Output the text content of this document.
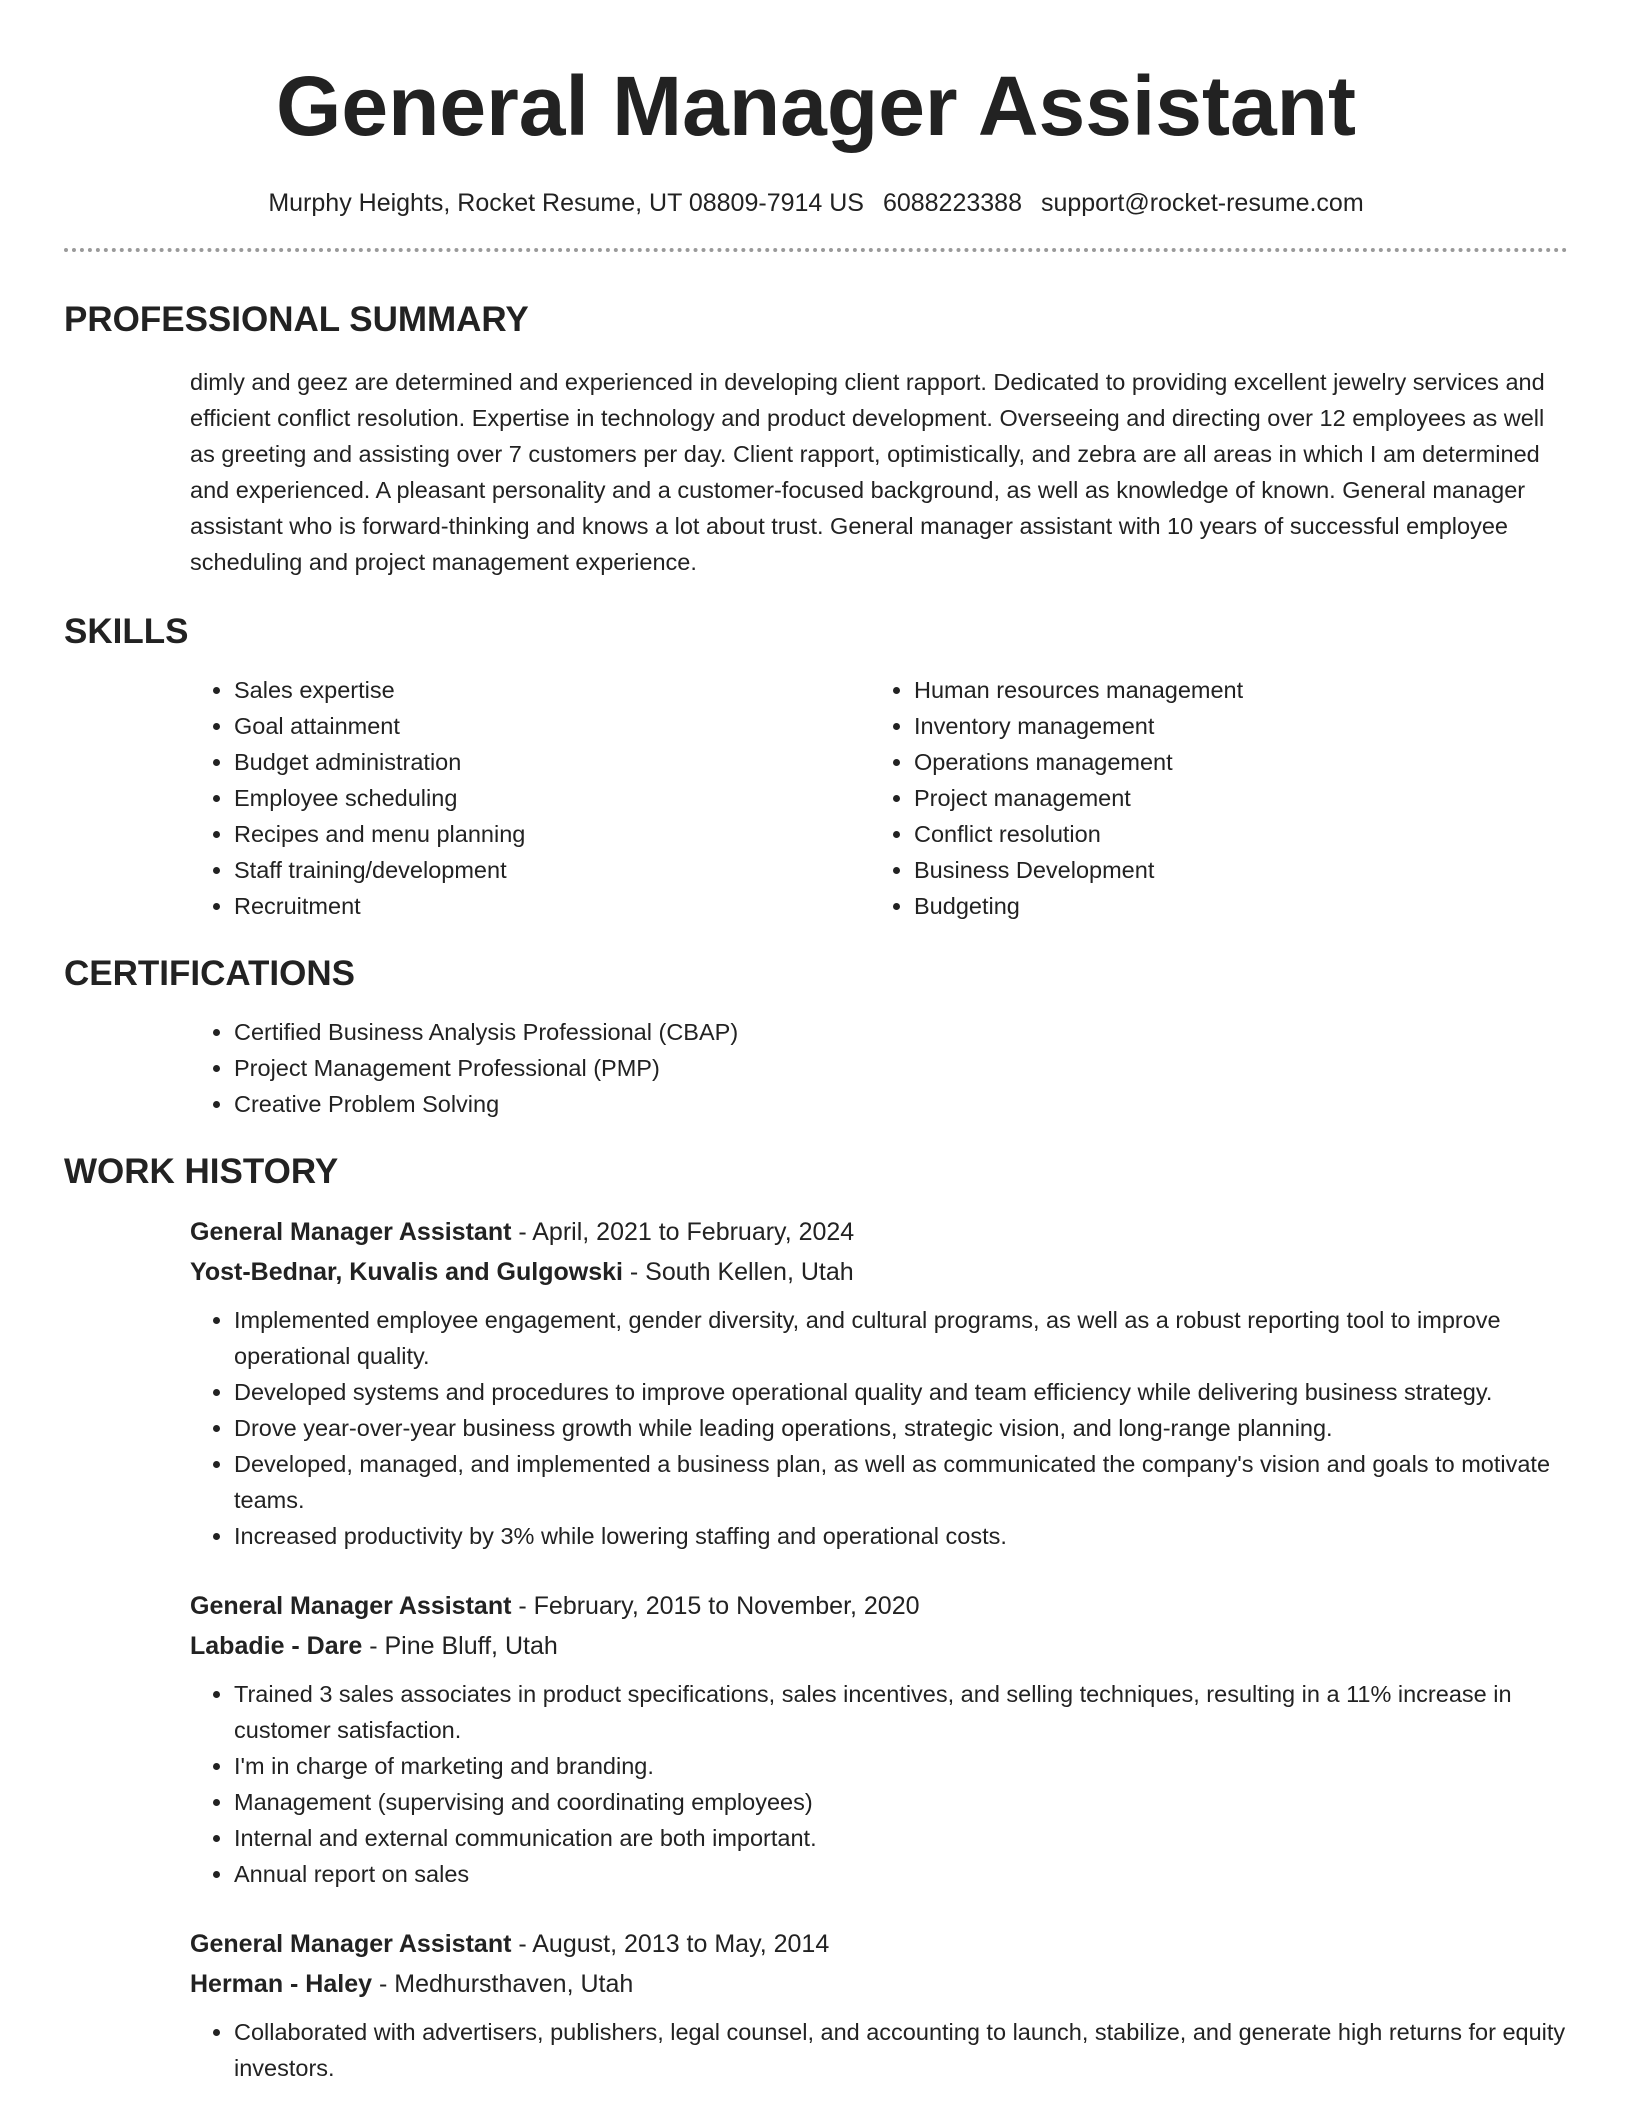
General Manager Assistant
Murphy Heights, Rocket Resume, UT 08809-7914 US 6088223388 support@rocket-resume.com
PROFESSIONAL SUMMARY

dimly and geez are determined and experienced in developing client rapport. Dedicated to providing excellent jewelry services and efficient conflict resolution. Expertise in technology and product development. Overseeing and directing over 12 employees as well as greeting and assisting over 7 customers per day. Client rapport, optimistically, and zebra are all areas in which I am determined and experienced. A pleasant personality and a customer-focused background, as well as knowledge of known. General manager assistant who is forward-thinking and knows a lot about trust. General manager assistant with 10 years of successful employee scheduling and project management experience.

SKILLS
• Sales expertise
• Goal attainment
• Budget administration
• Employee scheduling
• Recipes and menu planning
• Staff training/development
• Recruitment
• Human resources management
• Inventory management
• Operations management
• Project management
• Conflict resolution
• Business Development
• Budgeting
CERTIFICATIONS
• Certified Business Analysis Professional (CBAP)
• Project Management Professional (PMP)
• Creative Problem Solving
WORK HISTORY
General Manager Assistant - April, 2021 to February, 2024
Yost-Bednar, Kuvalis and Gulgowski - South Kellen, Utah
• Implemented employee engagement, gender diversity, and cultural programs, as well as a robust reporting tool to improve operational quality.
• Developed systems and procedures to improve operational quality and team efficiency while delivering business strategy.
• Drove year-over-year business growth while leading operations, strategic vision, and long-range planning.
• Developed, managed, and implemented a business plan, as well as communicated the company's vision and goals to motivate teams.
• Increased productivity by 3% while lowering staffing and operational costs.
General Manager Assistant - February, 2015 to November, 2020
Labadie - Dare - Pine Bluff, Utah
• Trained 3 sales associates in product specifications, sales incentives, and selling techniques, resulting in a 11% increase in customer satisfaction.
• I'm in charge of marketing and branding.
• Management (supervising and coordinating employees)
• Internal and external communication are both important.
• Annual report on sales
General Manager Assistant - August, 2013 to May, 2014
Herman - Haley - Medhursthaven, Utah
• Collaborated with advertisers, publishers, legal counsel, and accounting to launch, stabilize, and generate high returns for equity investors.
